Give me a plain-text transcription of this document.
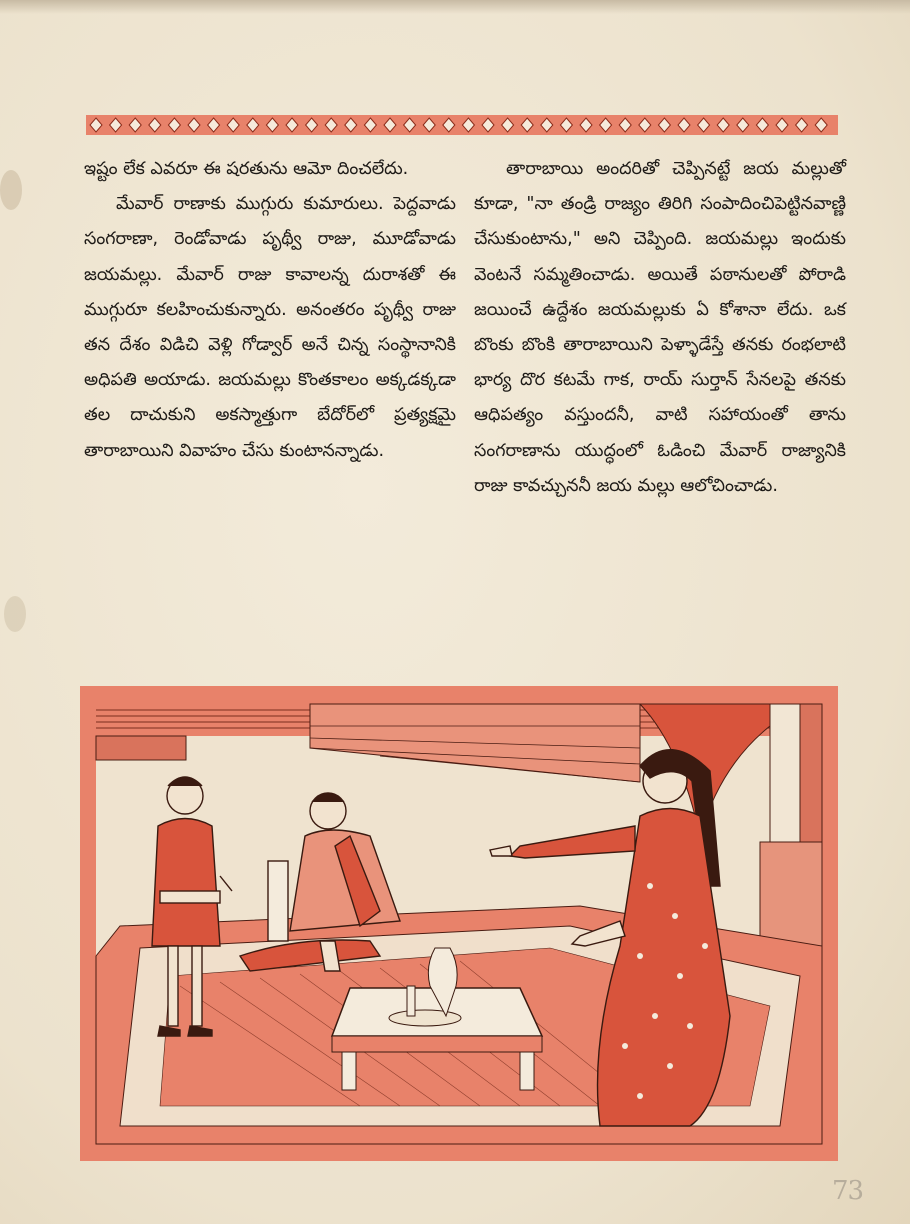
ఇష్టం లేక ఎవరూ ఈ షరతును ఆమో దించలేదు.

మేవార్ రాణాకు ముగ్గురు కుమారులు. పెద్దవాడు సంగరాణా, రెండోవాడు పృథ్వీ రాజు, మూడోవాడు జయమల్లు. మేవార్ రాజు కావాలన్న దురాశతో ఈ ముగ్గురూ కలహించుకున్నారు. అనంతరం పృథ్వీ రాజు తన దేశం విడిచి వెళ్లి గోడ్వార్ అనే చిన్న సంస్థానానికి అధిపతి అయాడు. జయమల్లు కొంతకాలం అక్కడక్కడా తల దాచుకుని అకస్మాత్తుగా బేదోర్‌లో ప్రత్యక్షమై తారాబాయిని వివాహం చేసు కుంటానన్నాడు.

తారాబాయి అందరితో చెప్పినట్టే జయ మల్లుతో కూడా, "నా తండ్రి రాజ్యం తిరిగి సంపాదించిపెట్టినవాణ్ణి చేసుకుంటాను," అని చెప్పింది. జయమల్లు ఇందుకు వెంటనే సమ్మతించాడు. అయితే పఠానులతో పోరాడి జయించే ఉద్దేశం జయమల్లుకు ఏ కోశానా లేదు. ఒక బొంకు బొంకి తారాబాయిని పెళ్ళాడేస్తే తనకు రంభలాటి భార్య దొర కటమే గాక, రాయ్ సుర్తాన్ సేనలపై తనకు ఆధిపత్యం వస్తుందనీ, వాటి సహాయంతో తాను సంగరాణాను యుద్ధంలో ఓడించి మేవార్ రాజ్యానికి రాజు కావచ్చుననీ జయ మల్లు ఆలోచించాడు.

73
